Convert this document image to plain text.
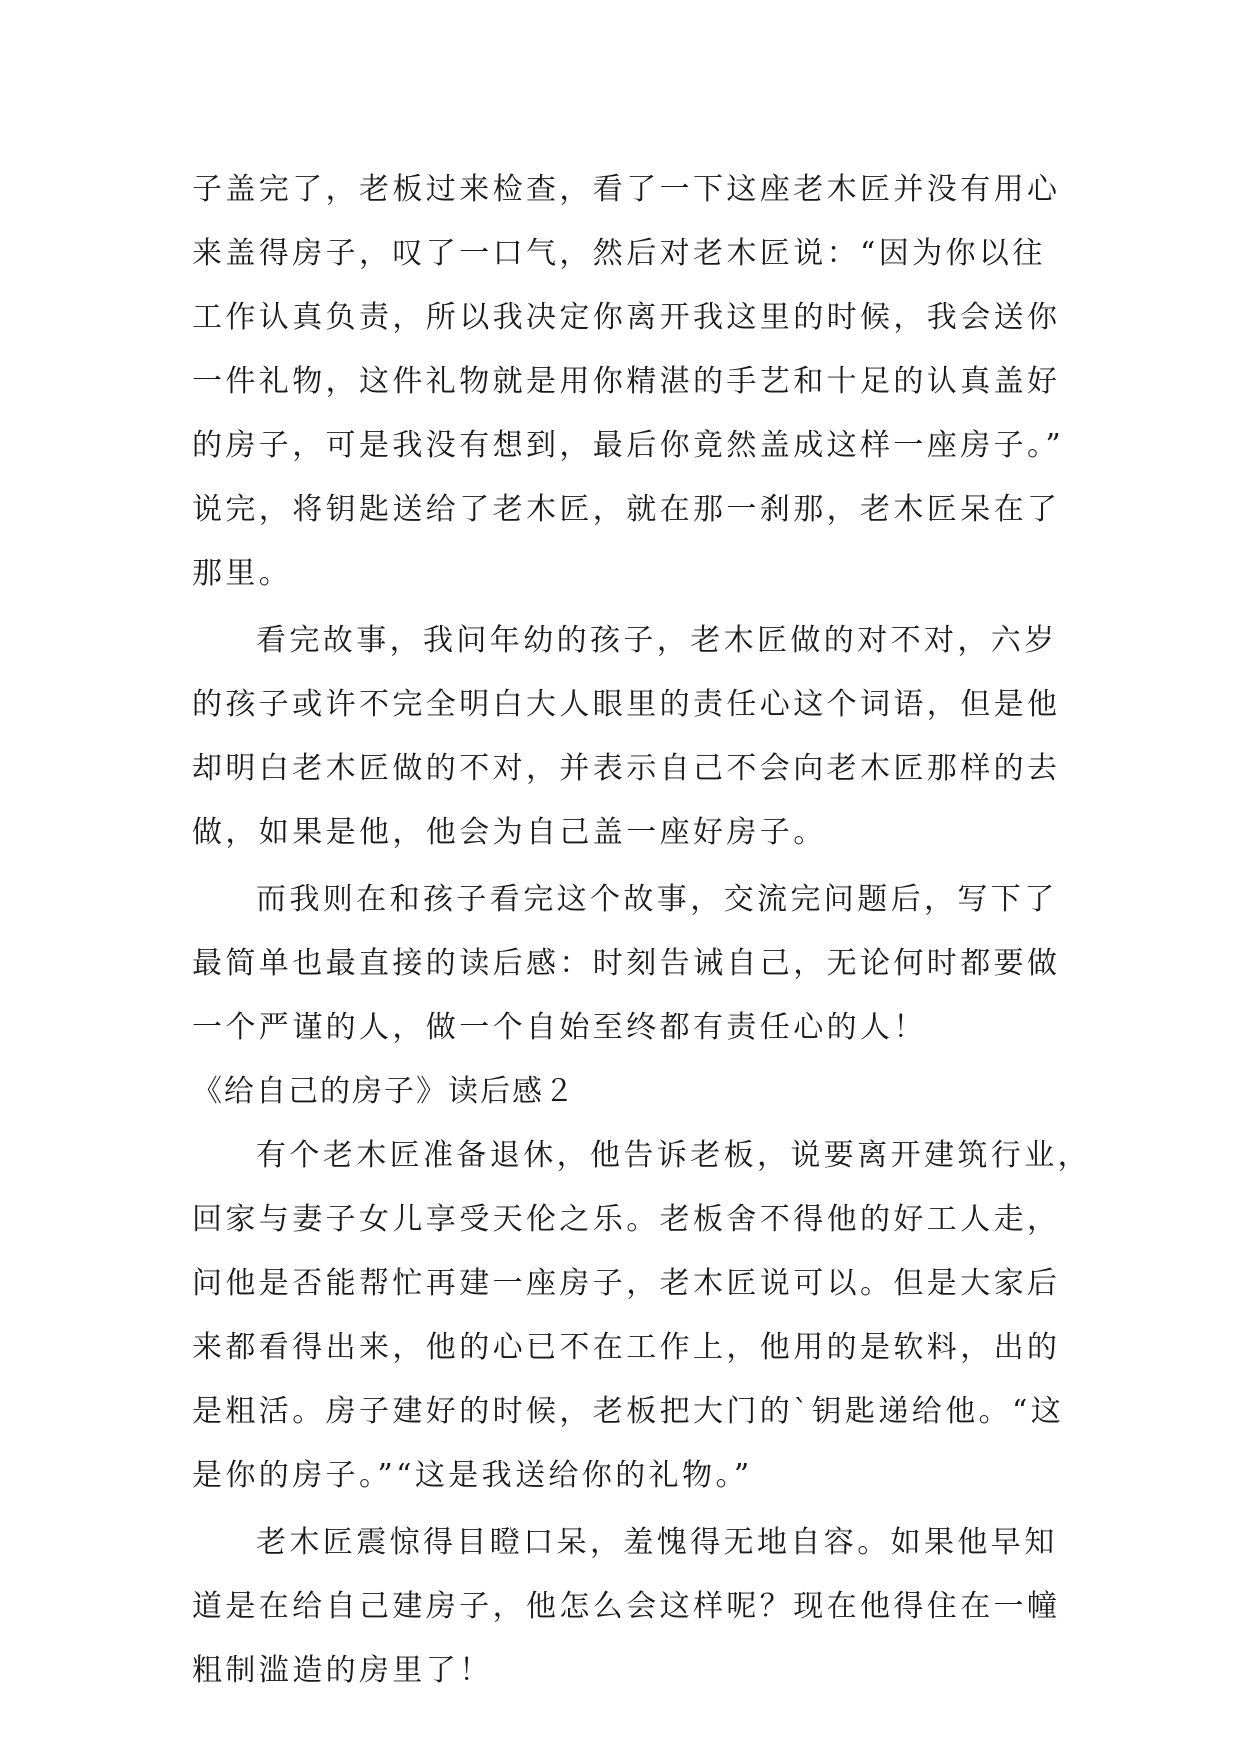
子盖完了，老板过来检查，看了一下这座老木匠并没有用心
来盖得房子，叹了一口气，然后对老木匠说：“因为你以往
工作认真负责，所以我决定你离开我这里的时候，我会送你
一件礼物，这件礼物就是用你精湛的手艺和十足的认真盖好
的房子，可是我没有想到，最后你竟然盖成这样一座房子。”
说完，将钥匙送给了老木匠，就在那一刹那，老木匠呆在了
那里。
看完故事，我问年幼的孩子，老木匠做的对不对，六岁
的孩子或许不完全明白大人眼里的责任心这个词语，但是他
却明白老木匠做的不对，并表示自己不会向老木匠那样的去
做，如果是他，他会为自己盖一座好房子。
而我则在和孩子看完这个故事，交流完问题后，写下了
最简单也最直接的读后感：时刻告诫自己，无论何时都要做
一个严谨的人，做一个自始至终都有责任心的人！
《给自己的房子》读后感２
有个老木匠准备退休，他告诉老板，说要离开建筑行业，
回家与妻子女儿享受天伦之乐。老板舍不得他的好工人走，
问他是否能帮忙再建一座房子，老木匠说可以。但是大家后
来都看得出来，他的心已不在工作上，他用的是软料，出的
是粗活。房子建好的时候，老板把大门的`钥匙递给他。“这
是你的房子。”“这是我送给你的礼物。”
老木匠震惊得目瞪口呆，羞愧得无地自容。如果他早知
道是在给自己建房子，他怎么会这样呢？现在他得住在一幢
粗制滥造的房里了！
